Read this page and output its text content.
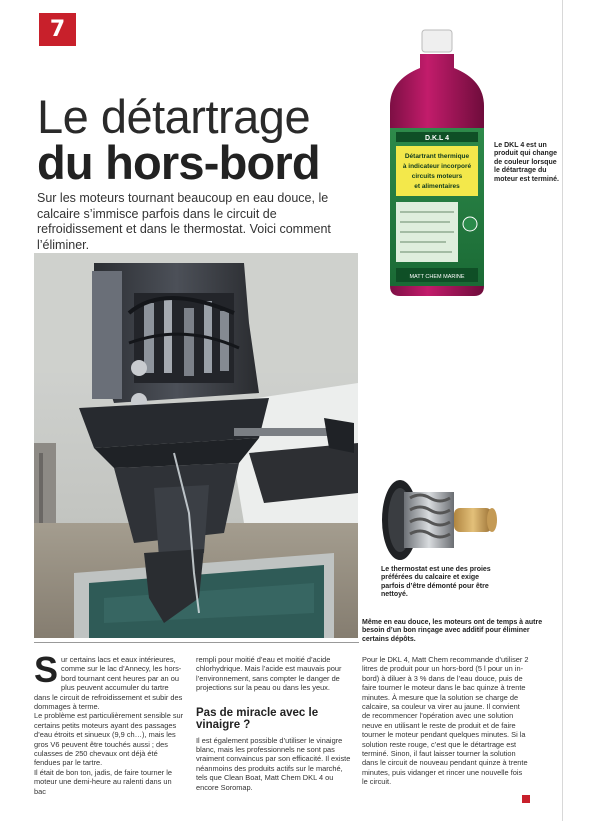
7
Le détartrage
du hors-bord
Sur les moteurs tournant beaucoup en eau douce, le calcaire s’immisce parfois dans le circuit de refroidissement et dans le thermostat. Voici comment l’éliminer.
D.K.L 4
Détartrant thermique
à indicateur incorporé
circuits moteurs
et alimentaires
MATT CHEM MARINE
Le DKL 4 est un produit qui change de couleur lorsque le détartrage du moteur est terminé.
Le thermostat est une des proies préférées du calcaire et exige parfois d’être démonté pour être nettoyé.
Même en eau douce, les moteurs ont de temps à autre besoin d’un bon rinçage avec additif pour éliminer certains dépôts.
S ur certains lacs et eaux intérieures, comme sur le lac d’Annecy, les hors-bord tournant cent heures par an ou plus peuvent accumuler du tartre dans le circuit de refroidissement et subir des dommages à terme.

Le problème est particulièrement sensible sur certains petits moteurs ayant des passages d’eau étroits et sinueux (9,9 ch…), mais les gros V6 peuvent être touchés aussi ; des culasses de 250 chevaux ont déjà été fendues par le tartre.

Il était de bon ton, jadis, de faire tourner le moteur une demi-heure au ralenti dans un bac

rempli pour moitié d’eau et moitié d’acide chlorhydrique. Mais l’acide est mauvais pour l’environnement, sans compter le danger de projections sur la peau ou dans les yeux.

Pas de miracle avec le vinaigre ?

Il est également possible d’utiliser le vinaigre blanc, mais les professionnels ne sont pas vraiment convaincus par son efficacité. Il existe néanmoins des produits actifs sur le marché, tels que Clean Boat, Matt Chem DKL 4 ou encore Soromap.

Pour le DKL 4, Matt Chem recommande d’utiliser 2 litres de produit pour un hors-bord (5 l pour un in-bord) à diluer à 3 % dans de l’eau douce, puis de faire tourner le moteur dans le bac quinze à trente minutes. À mesure que la solution se charge de calcaire, sa couleur va virer au jaune. Il convient de recommencer l’opération avec une solution neuve en utilisant le reste de produit et de faire tourner le moteur pendant quelques minutes. Si la solution reste rouge, c’est que le détartrage est terminé. Sinon, il faut laisser tourner la solution dans le circuit de nouveau pendant quinze à trente minutes, puis vidanger et rincer une nouvelle fois le circuit.
